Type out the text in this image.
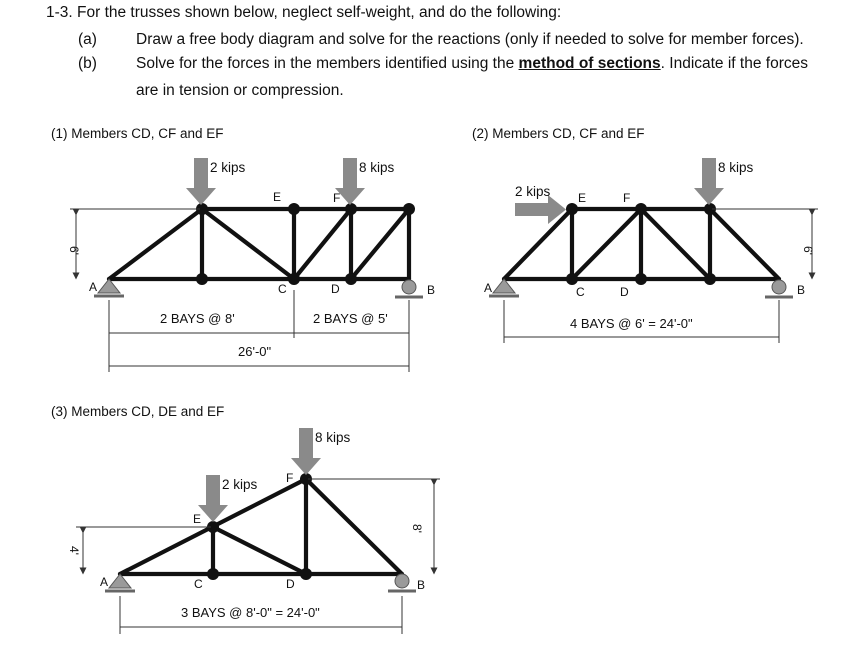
1-3. For the trusses shown below, neglect self-weight, and do the following:

(a)	Draw a free body diagram and solve for the reactions (only if needed to solve for member forces).
(b)	Solve for the forces in the members identified using the method of sections. Indicate if the forces
are in tension or compression.
(1) Members CD, CF and EF
2 kips	8 kips
A	B
C	D
E	F
6'
2 BAYS @ 8'	2 BAYS @ 5'
26'-0"
(2) Members CD, CF and EF
2 kips
8 kips
A	B
C	D
E	F
6'
4 BAYS @ 6' = 24'-0"
(3) Members CD, DE and EF
2 kips
8 kips
A	B
C	D
E
F
4'
8'
3 BAYS @ 8'-0" = 24'-0"
